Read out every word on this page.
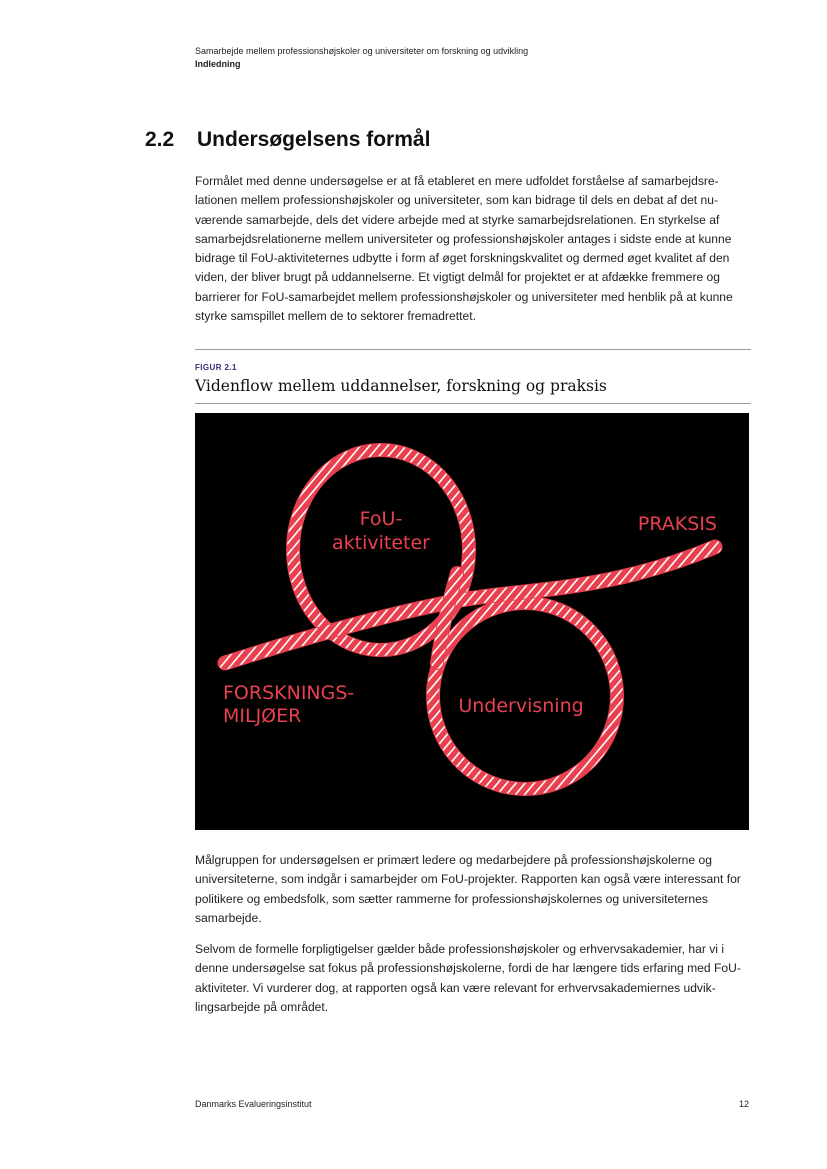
Samarbejde mellem professionshøjskoler og universiteter om forskning og udvikling
Indledning
2.2 Undersøgelsens formål

Formålet med denne undersøgelse er at få etableret en mere udfoldet forståelse af samarbejdsrelationen mellem professionshøjskoler og universiteter, som kan bidrage til dels en debat af det nuværende samarbejde, dels det videre arbejde med at styrke samarbejdsrelationen. En styrkelse af samarbejdsrelationerne mellem universiteter og professionshøjskoler antages i sidste ende at kunne bidrage til FoU-aktiviteternes udbytte i form af øget forskningskvalitet og dermed øget kvalitet af den viden, der bliver brugt på uddannelserne. Et vigtigt delmål for projektet er at afdække fremmere og barrierer for FoU-samarbejdet mellem professionshøjskoler og universiteter med henblik på at kunne styrke samspillet mellem de to sektorer fremadrettet.

FIGUR 2.1
Videnflow mellem uddannelser, forskning og praksis
FoU-
aktiviteter
PRAKSIS
FORSKNINGS-
MILJØER	Undervisning

Målgruppen for undersøgelsen er primært ledere og medarbejdere på professionshøjskolerne og universiteterne, som indgår i samarbejder om FoU-projekter. Rapporten kan også være interessant for politikere og embedsfolk, som sætter rammerne for professionshøjskolernes og universiteternes samarbejde.

Selvom de formelle forpligtigelser gælder både professionshøjskoler og erhvervsakademier, har vi i denne undersøgelse sat fokus på professionshøjskolerne, fordi de har længere tids erfaring med FoU-aktiviteter. Vi vurderer dog, at rapporten også kan være relevant for erhvervsakademiernes udviklingsarbejde på området.

Danmarks Evalueringsinstitut	12
